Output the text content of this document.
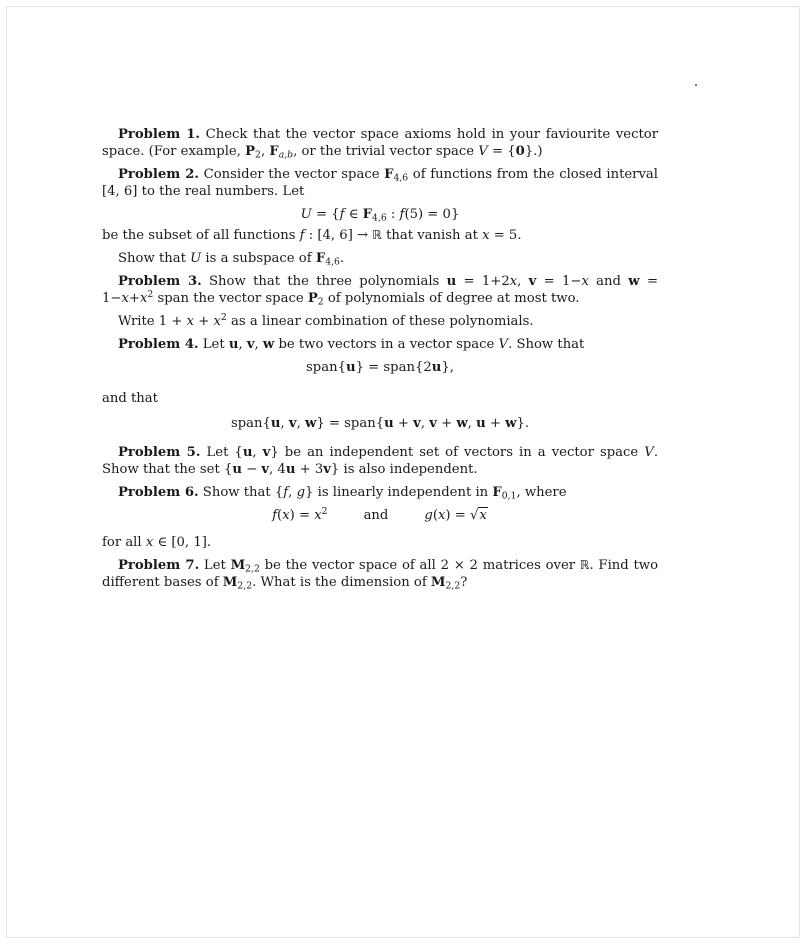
Problem 1. Check that the vector space axioms hold in your faviourite vector space. (For example, $P_2$, $F_{a,b}$, or the trivial vector space V = {0}.)

Problem 2. Consider the vector space $F_{4,6}$ of functions from the closed interval [4, 6] to the real numbers. Let

U = {f ∈ $F_{4,6}$ : f(5) = 0}

be the subset of all functions f : [4, 6] → ℝ that vanish at x = 5.

Show that U is a subspace of $F_{4,6}$.

Problem 3. Show that the three polynomials u = 1+2x, v = 1−x and $w = 1-x+x^2$ span the vector space $P_2$ of polynomials of degree at most two.

Write $1 + x + x^2$ as a linear combination of these polynomials.

Problem 4. Let u, v, w be two vectors in a vector space V. Show that

span{u} = span{2u},

and that

span{u, v, w} = span{u + v, v + w, u + w}.

Problem 5. Let {u, v} be an independent set of vectors in a vector space V. Show that the set {u − v, 4u + 3v} is also independent.

Problem 6. Show that {f, g} is linearly independent in $F_{0,1}$, where

$f(x) = x^2$	and	g(x) = √x

for all x ∈ [0, 1].

Problem 7. Let $M_{2,2}$ be the vector space of all 2 × 2 matrices over ℝ. Find two different bases of $M_{2,2}$. What is the dimension of $M_{2,2}$?
